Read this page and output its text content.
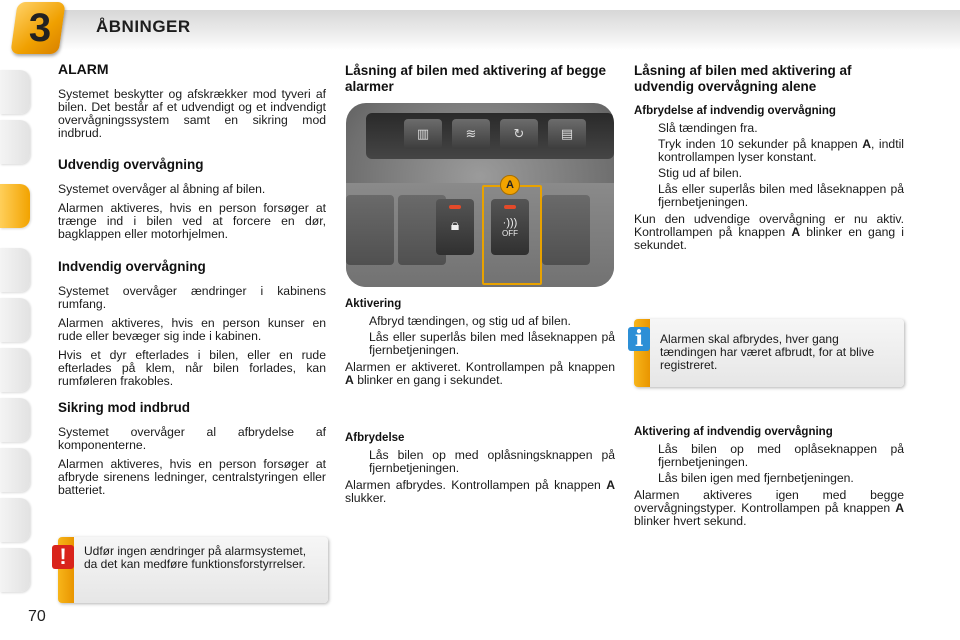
3	ÅBNINGER
ALARM

Systemet beskytter og afskrækker mod tyveri af bilen. Det består af et udvendigt og et indvendigt overvågningssystem samt en sikring mod indbrud.

Udvendig overvågning

Systemet overvåger al åbning af bilen.

Alarmen aktiveres, hvis en person forsøger at trænge ind i bilen ved at forcere en dør, bagklappen eller motorhjelmen.

Indvendig overvågning

Systemet overvåger ændringer i kabinens rumfang.

Alarmen aktiveres, hvis en person kunser en rude eller bevæger sig inde i kabinen.

Hvis et dyr efterlades i bilen, eller en rude efterlades på klem, når bilen forlades, kan rumføleren frakobles.

Sikring mod indbrud

Systemet overvåger al afbrydelse af komponenterne.

Alarmen aktiveres, hvis en person forsøger at afbryde sirenens ledninger, centralstyringen eller batteriet.

!	Udfør ingen ændringer på alarmsystemet, da det kan medføre funktionsforstyrrelser.
Låsning af bilen med aktivering af begge alarmer
▥	≋	↻	▤
🔒︎	·)))
OFF
A
Aktivering
Afbryd tændingen, og stig ud af bilen.
Lås eller superlås bilen med låseknappen på fjernbetjeningen.

Alarmen er aktiveret. Kontrollampen på knappen A blinker en gang i sekundet.

Afbrydelse
Lås bilen op med oplåsningsknappen på fjernbetjeningen.

Alarmen afbrydes. Kontrollampen på knappen A slukker.

Låsning af bilen med aktivering af udvendig overvågning alene
Afbrydelse af indvendig overvågning
Slå tændingen fra.
Tryk inden 10 sekunder på knappen A, indtil kontrollampen lyser konstant.
Stig ud af bilen.
Lås eller superlås bilen med låseknappen på fjernbetjeningen.

Kun den udvendige overvågning er nu aktiv. Kontrollampen på knappen A blinker en gang i sekundet.

i	Alarmen skal afbrydes, hver gang tændingen har været afbrudt, for at blive registreret.
Aktivering af indvendig overvågning
Lås bilen op med oplåseknappen på fjernbetjeningen.
Lås bilen igen med fjernbetjeningen.

Alarmen aktiveres igen med begge overvågningstyper. Kontrollampen på knappen A blinker hvert sekund.

70
